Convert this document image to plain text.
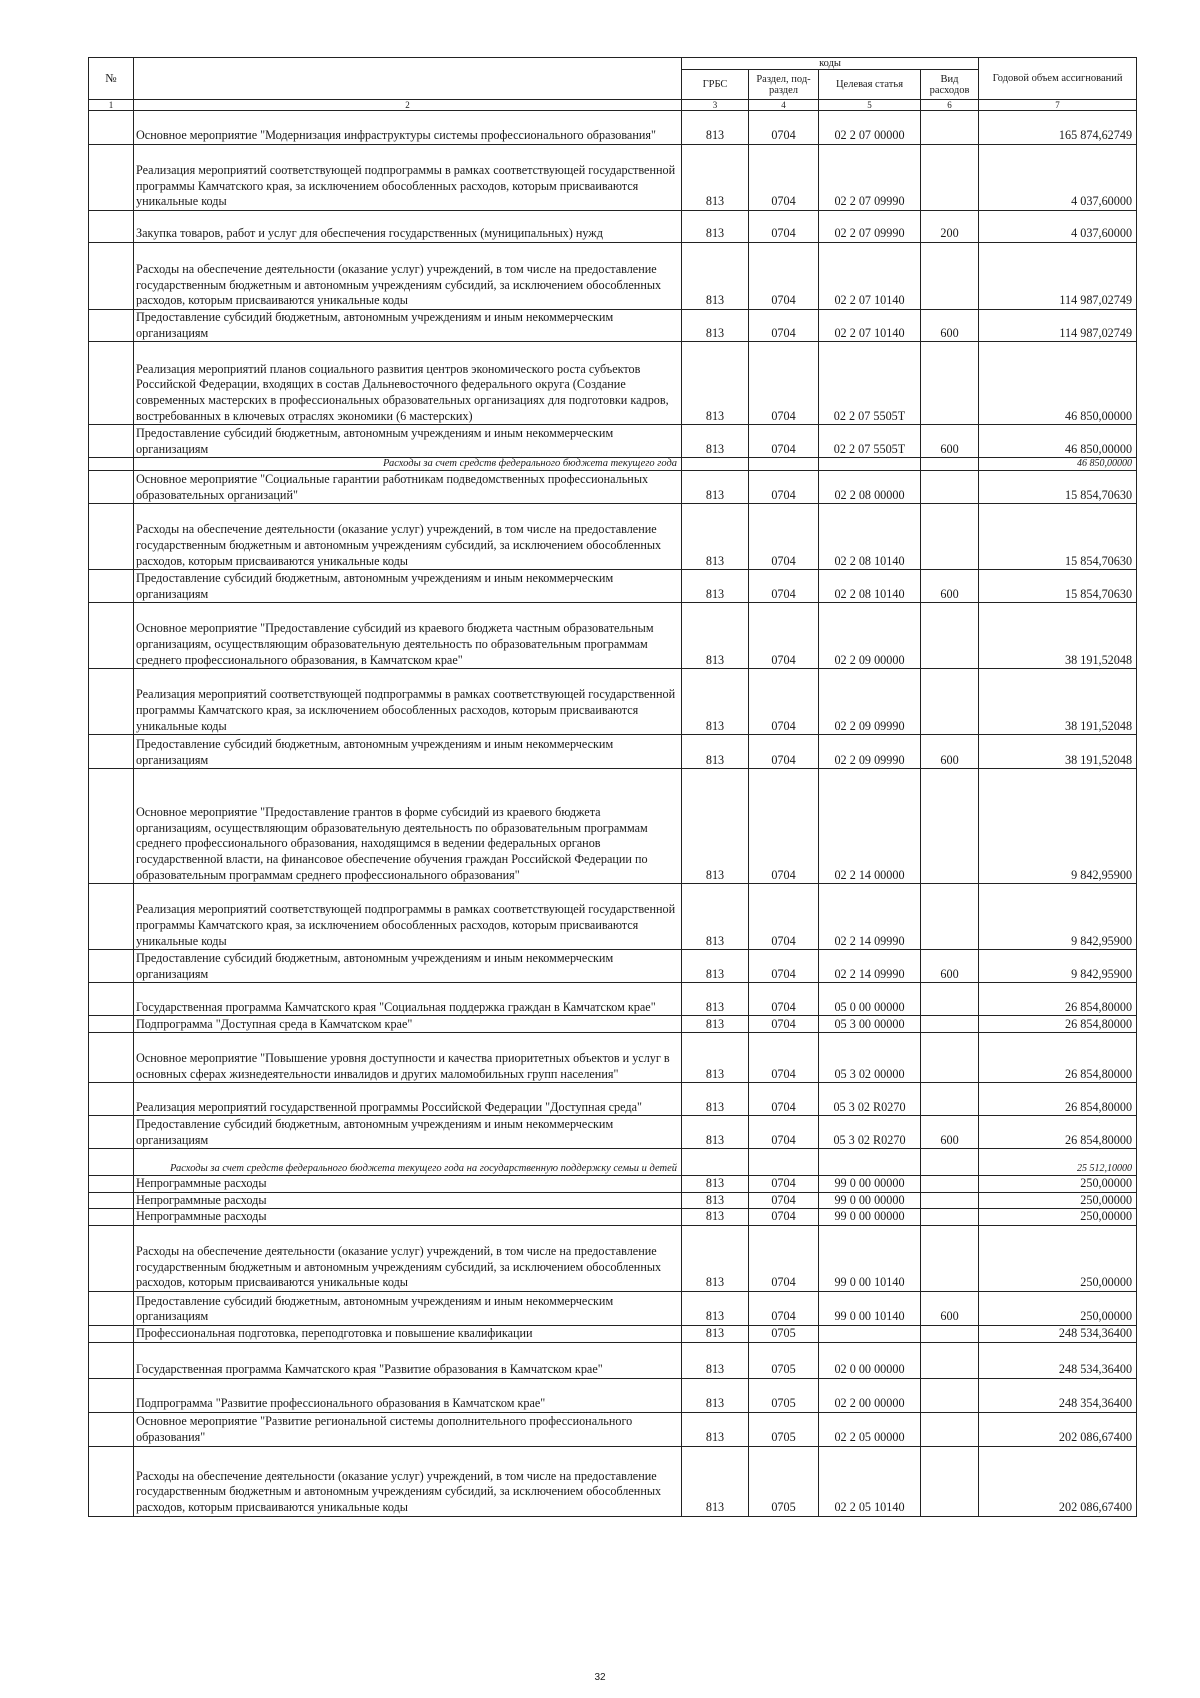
№		коды				Годовой объем ассигнований
		ГРБС	Раздел, под-раздел	Целевая статья	Вид расходов	
1	2	3	4	5	6	7
	Основное мероприятие "Модернизация инфраструктуры системы профессионального образования"	813	0704	02 2 07 00000		165 874,62749
	Реализация мероприятий соответствующей подпрограммы в рамках соответствующей государственной программы Камчатского края, за исключением обособленных расходов, которым присваиваются уникальные коды	813	0704	02 2 07 09990		4 037,60000
	Закупка товаров, работ и услуг для обеспечения государственных (муниципальных) нужд	813	0704	02 2 07 09990	200	4 037,60000
	Расходы на обеспечение деятельности (оказание услуг) учреждений, в том числе на предоставление государственным бюджетным и автономным учреждениям субсидий, за исключением обособленных расходов, которым присваиваются уникальные коды	813	0704	02 2 07 10140		114 987,02749
	Предоставление субсидий бюджетным, автономным учреждениям и иным некоммерческим организациям	813	0704	02 2 07 10140	600	114 987,02749
	Реализация мероприятий планов социального развития центров экономического роста субъектов Российской Федерации, входящих в состав Дальневосточного федерального округа (Создание современных мастерских в профессиональных образовательных организациях для подготовки кадров, востребованных в ключевых отраслях экономики (6 мастерских)	813	0704	02 2 07 5505Т		46 850,00000
	Предоставление субсидий бюджетным, автономным учреждениям и иным некоммерческим организациям	813	0704	02 2 07 5505Т	600	46 850,00000
	Расходы за счет средств федерального бюджета текущего года					46 850,00000
	Основное мероприятие "Социальные гарантии работникам подведомственных профессиональных образовательных организаций"	813	0704	02 2 08 00000		15 854,70630
	Расходы на обеспечение деятельности (оказание услуг) учреждений, в том числе на предоставление государственным бюджетным и автономным учреждениям субсидий, за исключением обособленных расходов, которым присваиваются уникальные коды	813	0704	02 2 08 10140		15 854,70630
	Предоставление субсидий бюджетным, автономным учреждениям и иным некоммерческим организациям	813	0704	02 2 08 10140	600	15 854,70630
	Основное мероприятие "Предоставление субсидий из краевого бюджета частным образовательным организациям, осуществляющим образовательную деятельность по образовательным программам среднего профессионального образования, в Камчатском крае"	813	0704	02 2 09 00000		38 191,52048
	Реализация мероприятий соответствующей подпрограммы в рамках соответствующей государственной программы Камчатского края, за исключением обособленных расходов, которым присваиваются уникальные коды	813	0704	02 2 09 09990		38 191,52048
	Предоставление субсидий бюджетным, автономным учреждениям и иным некоммерческим организациям	813	0704	02 2 09 09990	600	38 191,52048
	Основное мероприятие "Предоставление грантов в форме субсидий из краевого бюджета организациям, осуществляющим образовательную деятельность по образовательным программам среднего профессионального образования, находящимся в ведении федеральных органов государственной власти, на финансовое обеспечение обучения граждан Российской Федерации по образовательным программам среднего профессионального образования"	813	0704	02 2 14 00000		9 842,95900
	Реализация мероприятий соответствующей подпрограммы в рамках соответствующей государственной программы Камчатского края, за исключением обособленных расходов, которым присваиваются уникальные коды	813	0704	02 2 14 09990		9 842,95900
	Предоставление субсидий бюджетным, автономным учреждениям и иным некоммерческим организациям	813	0704	02 2 14 09990	600	9 842,95900
	Государственная программа Камчатского края "Социальная поддержка граждан в Камчатском крае"	813	0704	05 0 00 00000		26 854,80000
	Подпрограмма "Доступная среда в Камчатском крае"	813	0704	05 3 00 00000		26 854,80000
	Основное мероприятие "Повышение уровня доступности и качества приоритетных объектов и услуг в основных сферах жизнедеятельности инвалидов и других маломобильных групп населения"	813	0704	05 3 02 00000		26 854,80000
	Реализация мероприятий государственной программы Российской Федерации "Доступная среда"	813	0704	05 3 02 R0270		26 854,80000
	Предоставление субсидий бюджетным, автономным учреждениям и иным некоммерческим организациям	813	0704	05 3 02 R0270	600	26 854,80000
	Расходы за счет средств федерального бюджета текущего года на государственную поддержку семьи и детей					25 512,10000
	Непрограммные расходы	813	0704	99 0 00 00000		250,00000
	Непрограммные расходы	813	0704	99 0 00 00000		250,00000
	Непрограммные расходы	813	0704	99 0 00 00000		250,00000
	Расходы на обеспечение деятельности (оказание услуг) учреждений, в том числе на предоставление государственным бюджетным и автономным учреждениям субсидий, за исключением обособленных расходов, которым присваиваются уникальные коды	813	0704	99 0 00 10140		250,00000
	Предоставление субсидий бюджетным, автономным учреждениям и иным некоммерческим организациям	813	0704	99 0 00 10140	600	250,00000
	Профессиональная подготовка, переподготовка и повышение квалификации	813	0705			248 534,36400
	Государственная программа Камчатского края "Развитие образования в Камчатском крае"	813	0705	02 0 00 00000		248 534,36400
	Подпрограмма "Развитие профессионального образования в Камчатском крае"	813	0705	02 2 00 00000		248 354,36400
	Основное мероприятие "Развитие региональной системы дополнительного профессионального образования"	813	0705	02 2 05 00000		202 086,67400
	Расходы на обеспечение деятельности (оказание услуг) учреждений, в том числе на предоставление государственным бюджетным и автономным учреждениям субсидий, за исключением обособленных расходов, которым присваиваются уникальные коды	813	0705	02 2 05 10140		202 086,67400
32
